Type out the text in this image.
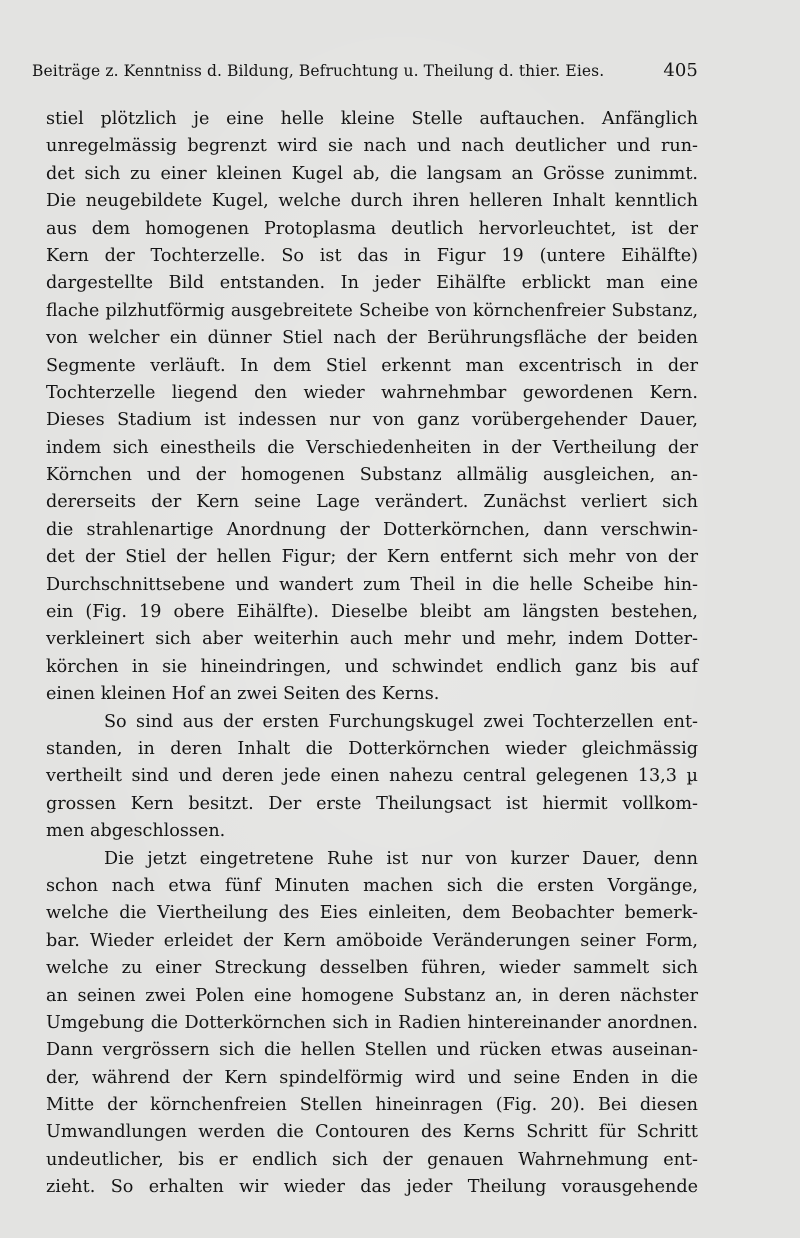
Beiträge z. Kenntniss d. Bildung, Befruchtung u. Theilung d. thier. Eies.	405
stiel plötzlich je eine helle kleine Stelle auftauchen. Anfänglich
unregelmässig begrenzt wird sie nach und nach deutlicher und run-
det sich zu einer kleinen Kugel ab, die langsam an Grösse zunimmt.
Die neugebildete Kugel, welche durch ihren helleren Inhalt kenntlich
aus dem homogenen Protoplasma deutlich hervorleuchtet, ist der
Kern der Tochterzelle. So ist das in Figur 19 (untere Eihälfte)
dargestellte Bild entstanden. In jeder Eihälfte erblickt man eine
flache pilzhutförmig ausgebreitete Scheibe von körnchenfreier Substanz,
von welcher ein dünner Stiel nach der Berührungsfläche der beiden
Segmente verläuft. In dem Stiel erkennt man excentrisch in der
Tochterzelle liegend den wieder wahrnehmbar gewordenen Kern.
Dieses Stadium ist indessen nur von ganz vorübergehender Dauer,
indem sich einestheils die Verschiedenheiten in der Vertheilung der
Körnchen und der homogenen Substanz allmälig ausgleichen, an-
dererseits der Kern seine Lage verändert. Zunächst verliert sich
die strahlenartige Anordnung der Dotterkörnchen, dann verschwin-
det der Stiel der hellen Figur; der Kern entfernt sich mehr von der
Durchschnittsebene und wandert zum Theil in die helle Scheibe hin-
ein (Fig. 19 obere Eihälfte). Dieselbe bleibt am längsten bestehen,
verkleinert sich aber weiterhin auch mehr und mehr, indem Dotter-
körchen in sie hineindringen, und schwindet endlich ganz bis auf
einen kleinen Hof an zwei Seiten des Kerns.
So sind aus der ersten Furchungskugel zwei Tochterzellen ent-
standen, in deren Inhalt die Dotterkörnchen wieder gleichmässig
vertheilt sind und deren jede einen nahezu central gelegenen 13,3 µ
grossen Kern besitzt. Der erste Theilungsact ist hiermit vollkom-
men abgeschlossen.
Die jetzt eingetretene Ruhe ist nur von kurzer Dauer, denn
schon nach etwa fünf Minuten machen sich die ersten Vorgänge,
welche die Viertheilung des Eies einleiten, dem Beobachter bemerk-
bar. Wieder erleidet der Kern amöboide Veränderungen seiner Form,
welche zu einer Streckung desselben führen, wieder sammelt sich
an seinen zwei Polen eine homogene Substanz an, in deren nächster
Umgebung die Dotterkörnchen sich in Radien hintereinander anordnen.
Dann vergrössern sich die hellen Stellen und rücken etwas auseinan-
der, während der Kern spindelförmig wird und seine Enden in die
Mitte der körnchenfreien Stellen hineinragen (Fig. 20). Bei diesen
Umwandlungen werden die Contouren des Kerns Schritt für Schritt
undeutlicher, bis er endlich sich der genauen Wahrnehmung ent-
zieht. So erhalten wir wieder das jeder Theilung vorausgehende
